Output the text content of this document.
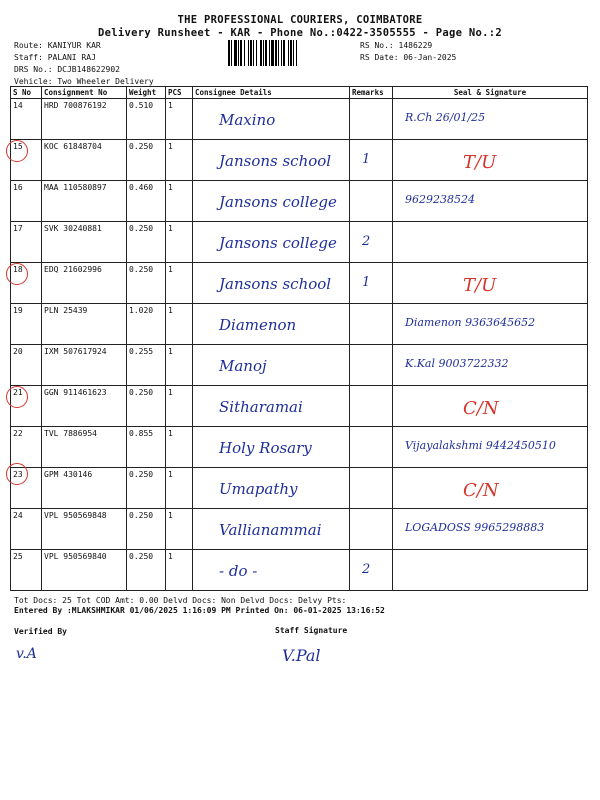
THE PROFESSIONAL COURIERS, COIMBATORE
Delivery Runsheet - KAR - Phone No.:0422-3505555 - Page No.:2
Route: KANIYUR KAR
Staff: PALANI RAJ
DRS No.: DCJB148622902
Vehicle: Two Wheeler Delivery
RS No.: 1486229
RS Date: 06-Jan-2025
S No	Consignment No	Weight	PCS	Consignee Details	Remarks	Seal & Signature
14	HRD 700876192	0.510	1	Maxino		R.Ch 26/01/25

15	KOC 61848704	0.250	1	Jansons school	1	T/U

16	MAA 110580897	0.460	1	Jansons college		9629238524

17	SVK 30240881	0.250	1	Jansons college	2	

18	EDQ 21602996	0.250	1	Jansons school	1	T/U

19	PLN 25439	1.020	1	Diamenon		Diamenon 9363645652

20	IXM 507617924	0.255	1	Manoj		K.Kal 9003722332

21	GGN 911461623	0.250	1	Sitharamai		C/N

22	TVL 7886954	0.855	1	Holy Rosary		Vijayalakshmi 9442450510

23	GPM 430146	0.250	1	Umapathy		C/N

24	VPL 950569848	0.250	1	Vallianammai		LOGADOSS 9965298883

25	VPL 950569840	0.250	1	- do -	2	

Tot Docs: 25 Tot COD Amt: 0.00 Delvd Docs: Non Delvd Docs: Delvy Pts:
Entered By :MLAKSHMIKAR 01/06/2025 1:16:09 PM Printed On: 06-01-2025 13:16:52
Verified By	Staff Signature
v.A	V.Pal
